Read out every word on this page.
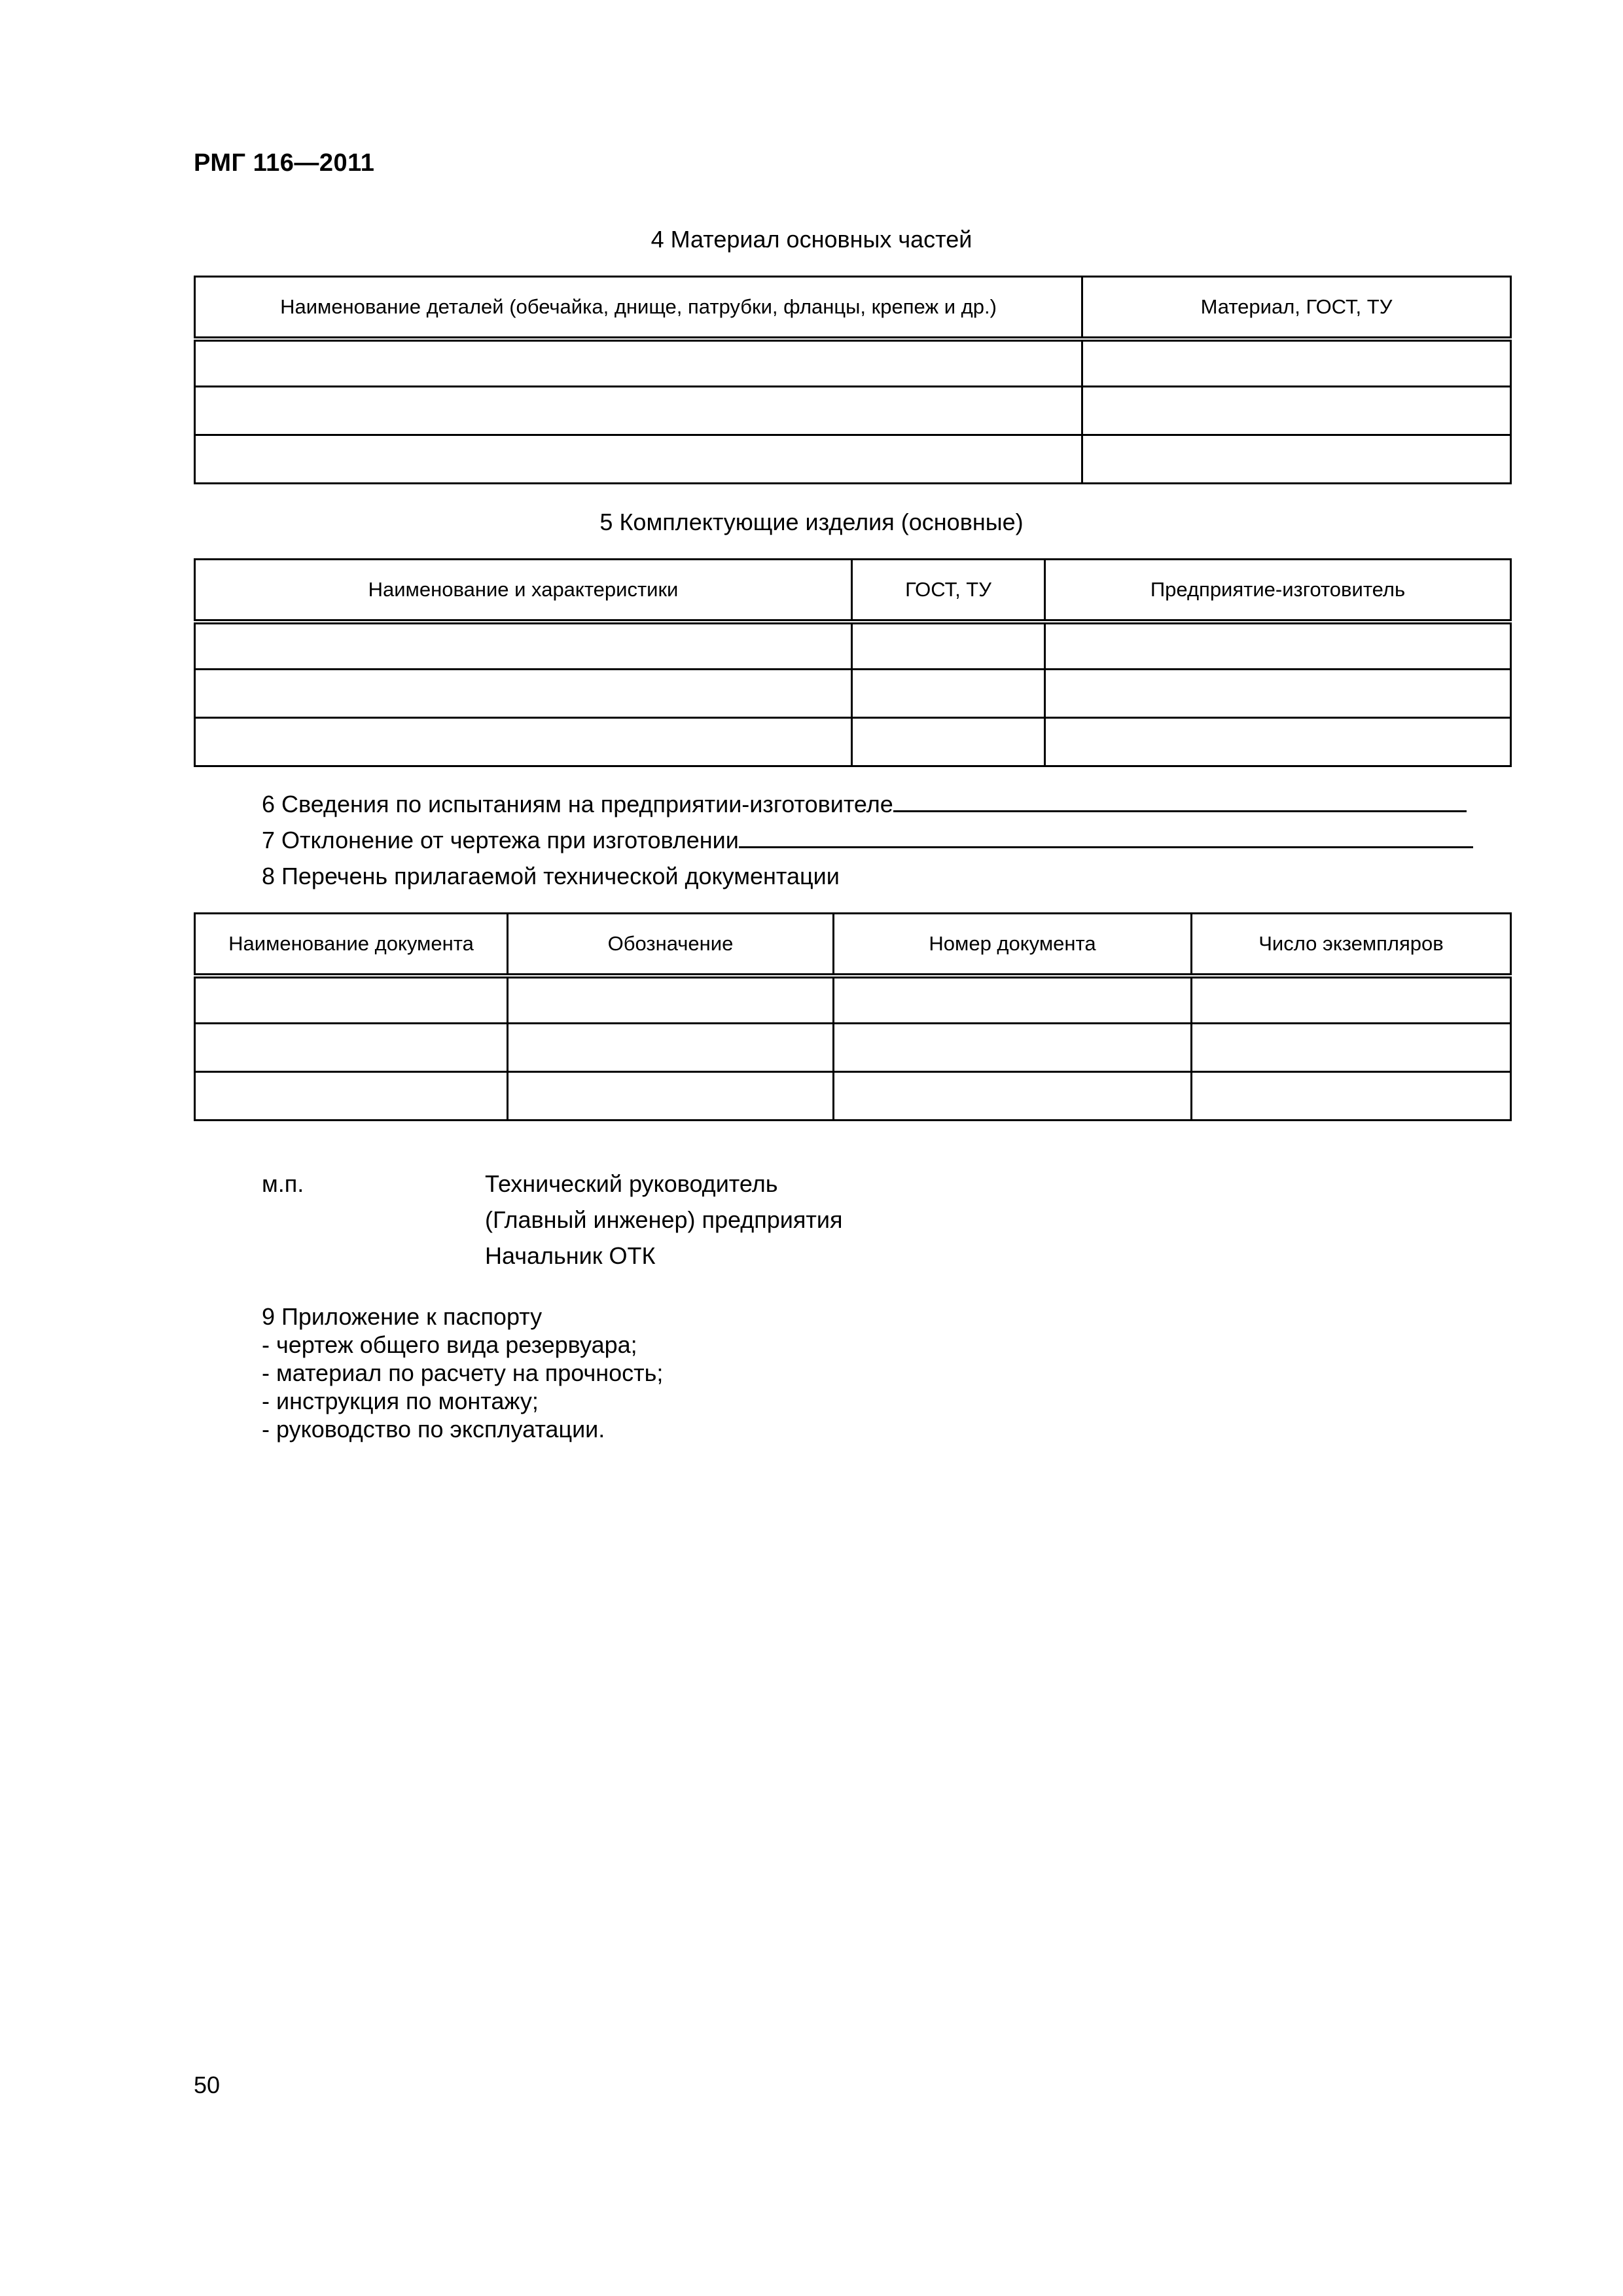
РМГ 116—2011
4 Материал основных частей
Наименование деталей (обечайка, днище, патрубки, фланцы, крепеж и др.)	Материал, ГОСТ, ТУ

5 Комплектующие изделия (основные)
Наименование и характеристики	ГОСТ, ТУ	Предприятие-изготовитель

6 Сведения по испытаниям на предприятии-изготовителе
7 Отклонение от чертежа при изготовлении
8 Перечень прилагаемой технической документации
Наименование документа	Обозначение	Номер документа	Число экземпляров

м.п.	Технический руководитель
(Главный инженер) предприятия
Начальник ОТК
9 Приложение к паспорту
- чертеж общего вида резервуара;
- материал по расчету на прочность;
- инструкция по монтажу;
- руководство по эксплуатации.
50
